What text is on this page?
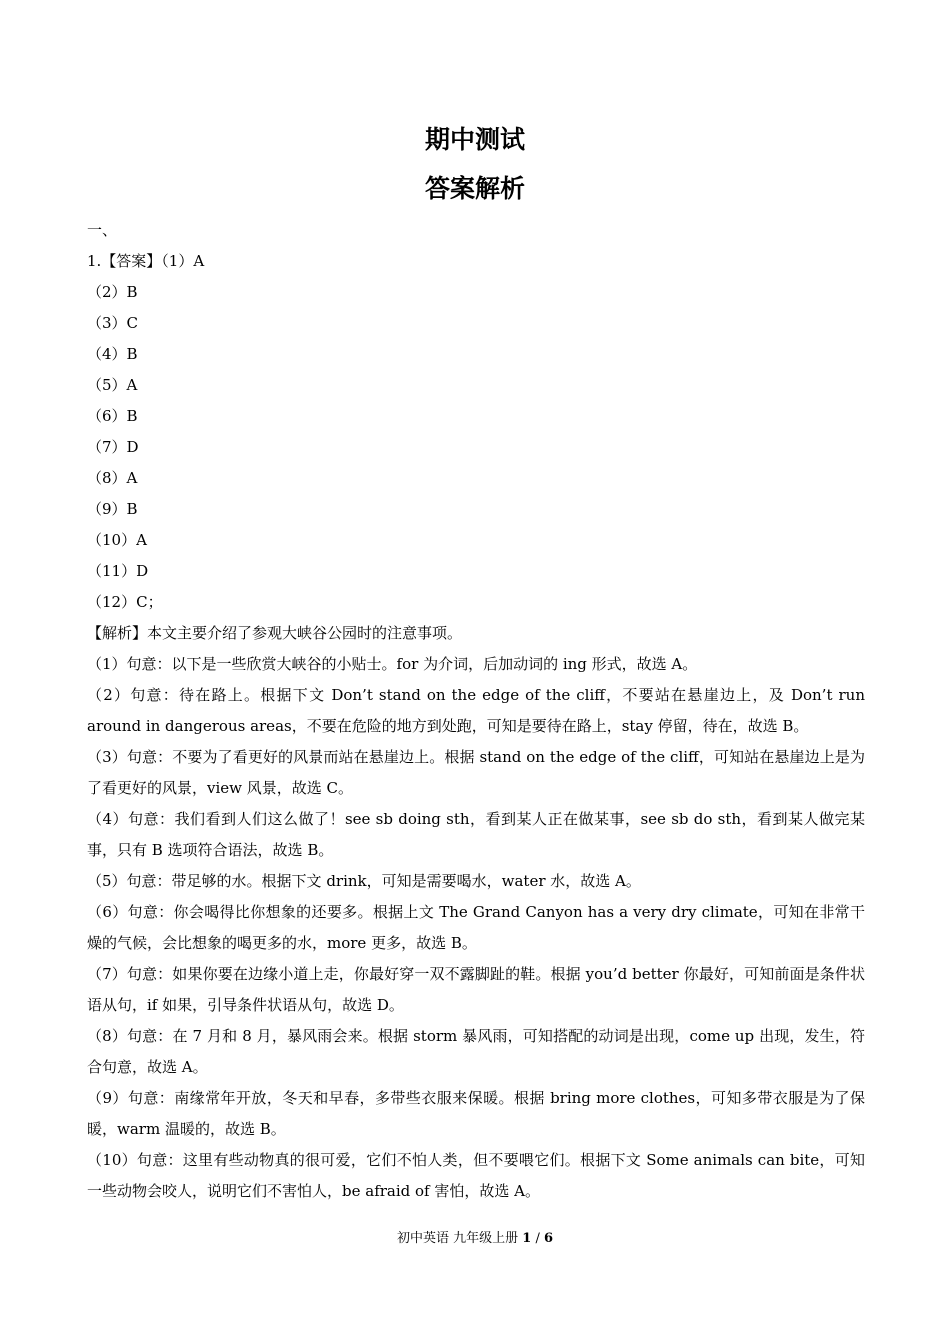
期中测试
答案解析
一、
1.【答案】（1）A
（2）B
（3）C
（4）B
（5）A
（6）B
（7）D
（8）A
（9）B
（10）A
（11）D
（12）C；
【解析】本文主要介绍了参观大峡谷公园时的注意事项。
（1）句意：以下是一些欣赏大峡谷的小贴士。for 为介词，后加动词的 ing 形式，故选 A。
（2）句意：待在路上。根据下文 Don’t stand on the edge of the cliff，不要站在悬崖边上，及 Don’t run around in dangerous areas，不要在危险的地方到处跑，可知是要待在路上，stay 停留，待在，故选 B。
（3）句意：不要为了看更好的风景而站在悬崖边上。根据 stand on the edge of the cliff，可知站在悬崖边上是为了看更好的风景，view 风景，故选 C。
（4）句意：我们看到人们这么做了！see sb doing sth，看到某人正在做某事，see sb do sth，看到某人做完某事，只有 B 选项符合语法，故选 B。
（5）句意：带足够的水。根据下文 drink，可知是需要喝水，water 水，故选 A。
（6）句意：你会喝得比你想象的还要多。根据上文 The Grand Canyon has a very dry climate，可知在非常干燥的气候，会比想象的喝更多的水，more 更多，故选 B。
（7）句意：如果你要在边缘小道上走，你最好穿一双不露脚趾的鞋。根据 you’d better 你最好，可知前面是条件状语从句，if 如果，引导条件状语从句，故选 D。
（8）句意：在 7 月和 8 月，暴风雨会来。根据 storm 暴风雨，可知搭配的动词是出现，come up 出现，发生，符合句意，故选 A。
（9）句意：南缘常年开放，冬天和早春，多带些衣服来保暖。根据 bring more clothes，可知多带衣服是为了保暖，warm 温暖的，故选 B。
（10）句意：这里有些动物真的很可爱，它们不怕人类，但不要喂它们。根据下文 Some animals can bite，可知一些动物会咬人，说明它们不害怕人，be afraid of 害怕，故选 A。
初中英语 九年级上册 1 / 6
